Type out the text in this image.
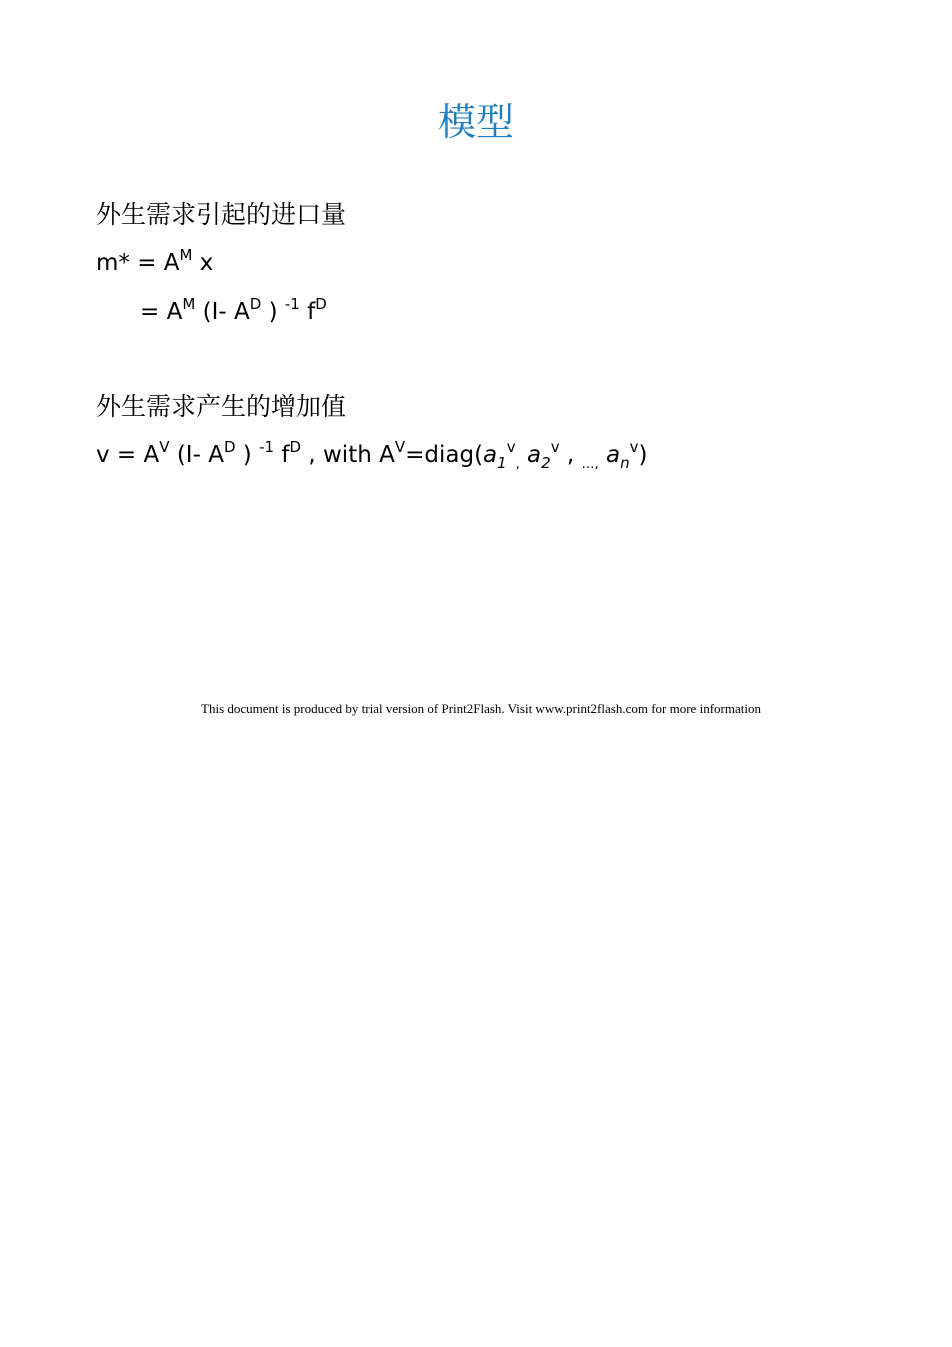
模型
外生需求引起的进口量
$m* = A^M$ x
= $A^M$ (I- $A^D$ ) $^{-1}$ $f^D$
外生需求产生的增加值
$v = A^V$ (I- $A^D$ ) $^{-1}$ $f^D$ , with $A^V=diag(a_1^v_,$ $a_2^v$ , $_{\dots,}$ $a_n^v$)
This document is produced by trial version of Print2Flash. Visit www.print2flash.com for more information
